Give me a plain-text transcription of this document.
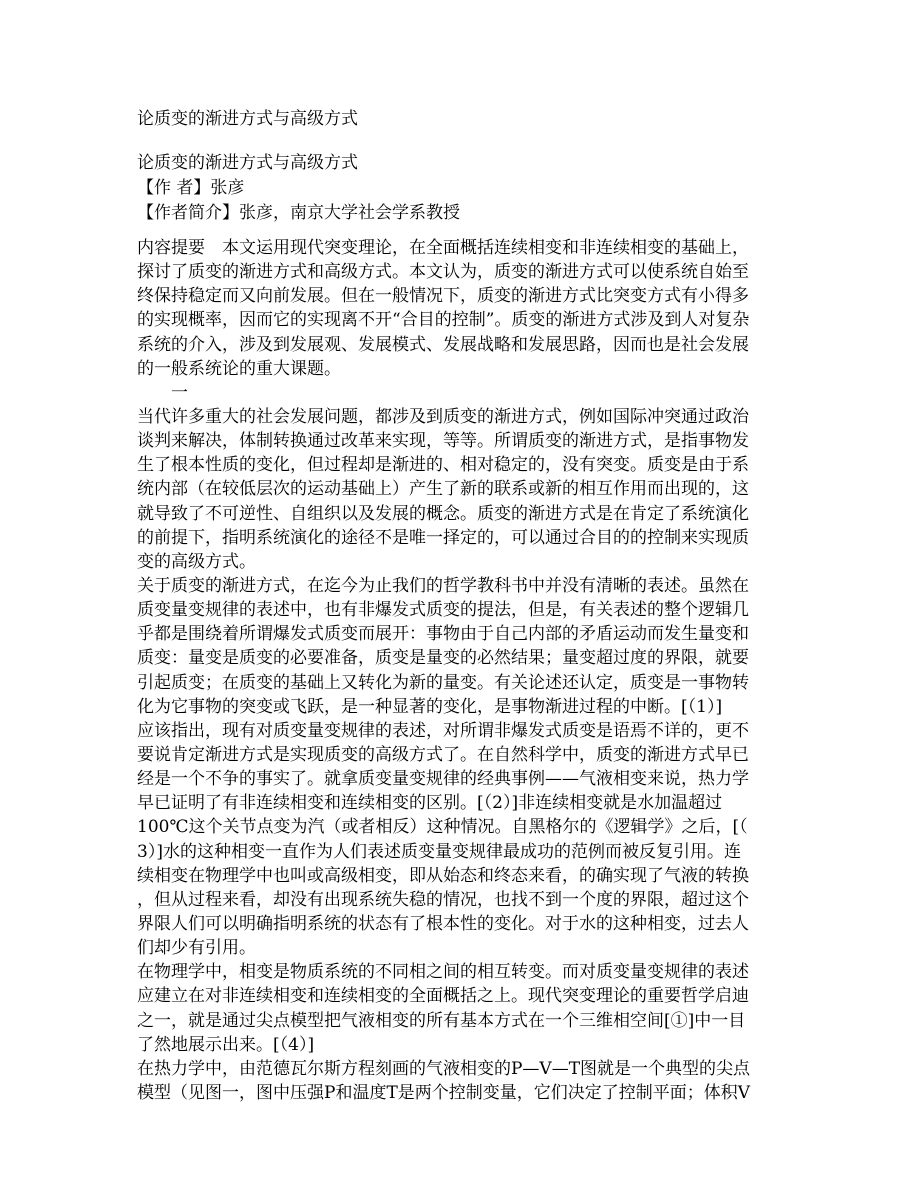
论质变的渐进方式与高级方式
论质变的渐进方式与高级方式
【作 者】张彦
【作者简介】张彦，南京大学社会学系教授
内容提要　本文运用现代突变理论，在全面概括连续相变和非连续相变的基础上，
探讨了质变的渐进方式和高级方式。本文认为，质变的渐进方式可以使系统自始至
终保持稳定而又向前发展。但在一般情况下，质变的渐进方式比突变方式有小得多
的实现概率，因而它的实现离不开“合目的控制”。质变的渐进方式涉及到人对复杂
系统的介入，涉及到发展观、发展模式、发展战略和发展思路，因而也是社会发展
的一般系统论的重大课题。
一
当代许多重大的社会发展问题，都涉及到质变的渐进方式，例如国际冲突通过政治
谈判来解决，体制转换通过改革来实现，等等。所谓质变的渐进方式，是指事物发
生了根本性质的变化，但过程却是渐进的、相对稳定的，没有突变。质变是由于系
统内部（在较低层次的运动基础上）产生了新的联系或新的相互作用而出现的，这
就导致了不可逆性、自组织以及发展的概念。质变的渐进方式是在肯定了系统演化
的前提下，指明系统演化的途径不是唯一择定的，可以通过合目的的控制来实现质
变的高级方式。
关于质变的渐进方式，在迄今为止我们的哲学教科书中并没有清晰的表述。虽然在
质变量变规律的表述中，也有非爆发式质变的提法，但是，有关表述的整个逻辑几
乎都是围绕着所谓爆发式质变而展开：事物由于自己内部的矛盾运动而发生量变和
质变：量变是质变的必要准备，质变是量变的必然结果；量变超过度的界限，就要
引起质变；在质变的基础上又转化为新的量变。有关论述还认定，质变是一事物转
化为它事物的突变或飞跃，是一种显著的变化，是事物渐进过程的中断。[（1）]
应该指出，现有对质变量变规律的表述，对所谓非爆发式质变是语焉不详的，更不
要说肯定渐进方式是实现质变的高级方式了。在自然科学中，质变的渐进方式早已
经是一个不争的事实了。就拿质变量变规律的经典事例——气液相变来说，热力学
早已证明了有非连续相变和连续相变的区别。[（2）]非连续相变就是水加温超过
100℃这个关节点变为汽（或者相反）这种情况。自黑格尔的《逻辑学》之后，[（
3）]水的这种相变一直作为人们表述质变量变规律最成功的范例而被反复引用。连
续相变在物理学中也叫或高级相变，即从始态和终态来看，的确实现了气液的转换
，但从过程来看，却没有出现系统失稳的情况，也找不到一个度的界限，超过这个
界限人们可以明确指明系统的状态有了根本性的变化。对于水的这种相变，过去人
们却少有引用。
在物理学中，相变是物质系统的不同相之间的相互转变。而对质变量变规律的表述
应建立在对非连续相变和连续相变的全面概括之上。现代突变理论的重要哲学启迪
之一，就是通过尖点模型把气液相变的所有基本方式在一个三维相空间[①]中一目
了然地展示出来。[（4）]
在热力学中，由范德瓦尔斯方程刻画的气液相变的P—V—T图就是一个典型的尖点
模型（见图一，图中压强P和温度T是两个控制变量，它们决定了控制平面；体积V
